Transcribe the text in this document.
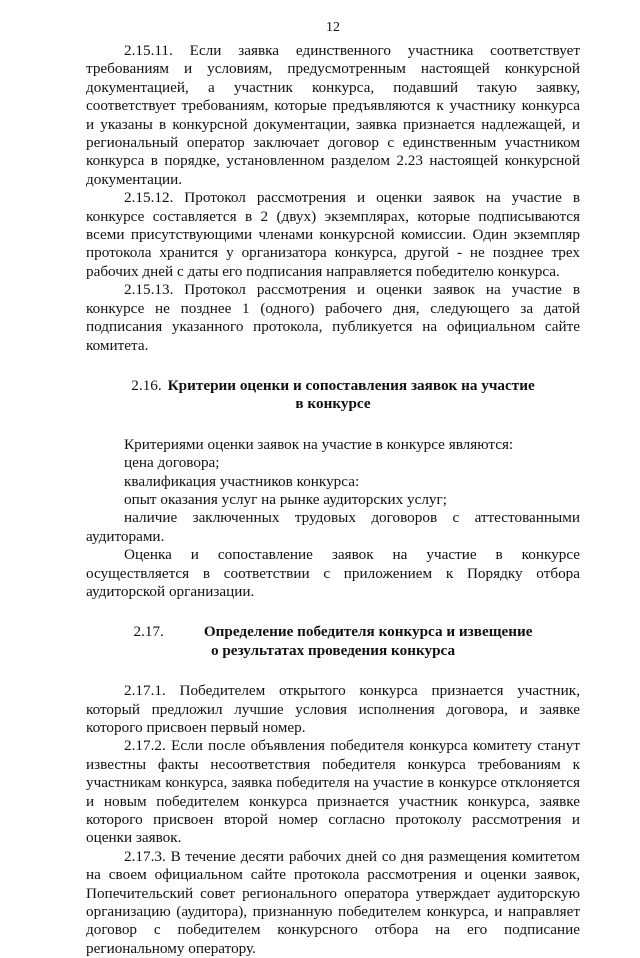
12

2.15.11. Если заявка единственного участника соответствует требованиям и условиям, предусмотренным настоящей конкурсной документацией, а участник конкурса, подавший такую заявку, соответствует требованиям, которые предъявляются к участнику конкурса и указаны в конкурсной документации, заявка признается надлежащей, и региональный оператор заключает договор с единственным участником конкурса в порядке, установленном разделом 2.23 настоящей конкурсной документации.

2.15.12. Протокол рассмотрения и оценки заявок на участие в конкурсе составляется в 2 (двух) экземплярах, которые подписываются всеми присутствующими членами конкурсной комиссии. Один экземпляр протокола хранится у организатора конкурса, другой - не позднее трех рабочих дней с даты его подписания направляется победителю конкурса.

2.15.13. Протокол рассмотрения и оценки заявок на участие в конкурсе не позднее 1 (одного) рабочего дня, следующего за датой подписания указанного протокола, публикуется на официальном сайте комитета.

2.16. Критерии оценки и сопоставления заявок на участие
в конкурсе

Критериями оценки заявок на участие в конкурсе являются:

цена договора;

квалификация участников конкурса:

опыт оказания услуг на рынке аудиторских услуг;

наличие заключенных трудовых договоров с аттестованными аудиторами.

Оценка и сопоставление заявок на участие в конкурсе осуществляется в соответствии с приложением к Порядку отбора аудиторской организации.

2.17.	Определение победителя конкурса и извещение
о результатах проведения конкурса

2.17.1. Победителем открытого конкурса признается участник, который предложил лучшие условия исполнения договора, и заявке которого присвоен первый номер.

2.17.2. Если после объявления победителя конкурса комитету станут известны факты несоответствия победителя конкурса требованиям к участникам конкурса, заявка победителя на участие в конкурсе отклоняется и новым победителем конкурса признается участник конкурса, заявке которого присвоен второй номер согласно протоколу рассмотрения и оценки заявок.

2.17.3. В течение десяти рабочих дней со дня размещения комитетом на своем официальном сайте протокола рассмотрения и оценки заявок, Попечительский совет регионального оператора утверждает аудиторскую организацию (аудитора), признанную победителем конкурса, и направляет договор с победителем конкурсного отбора на его подписание региональному оператору.
